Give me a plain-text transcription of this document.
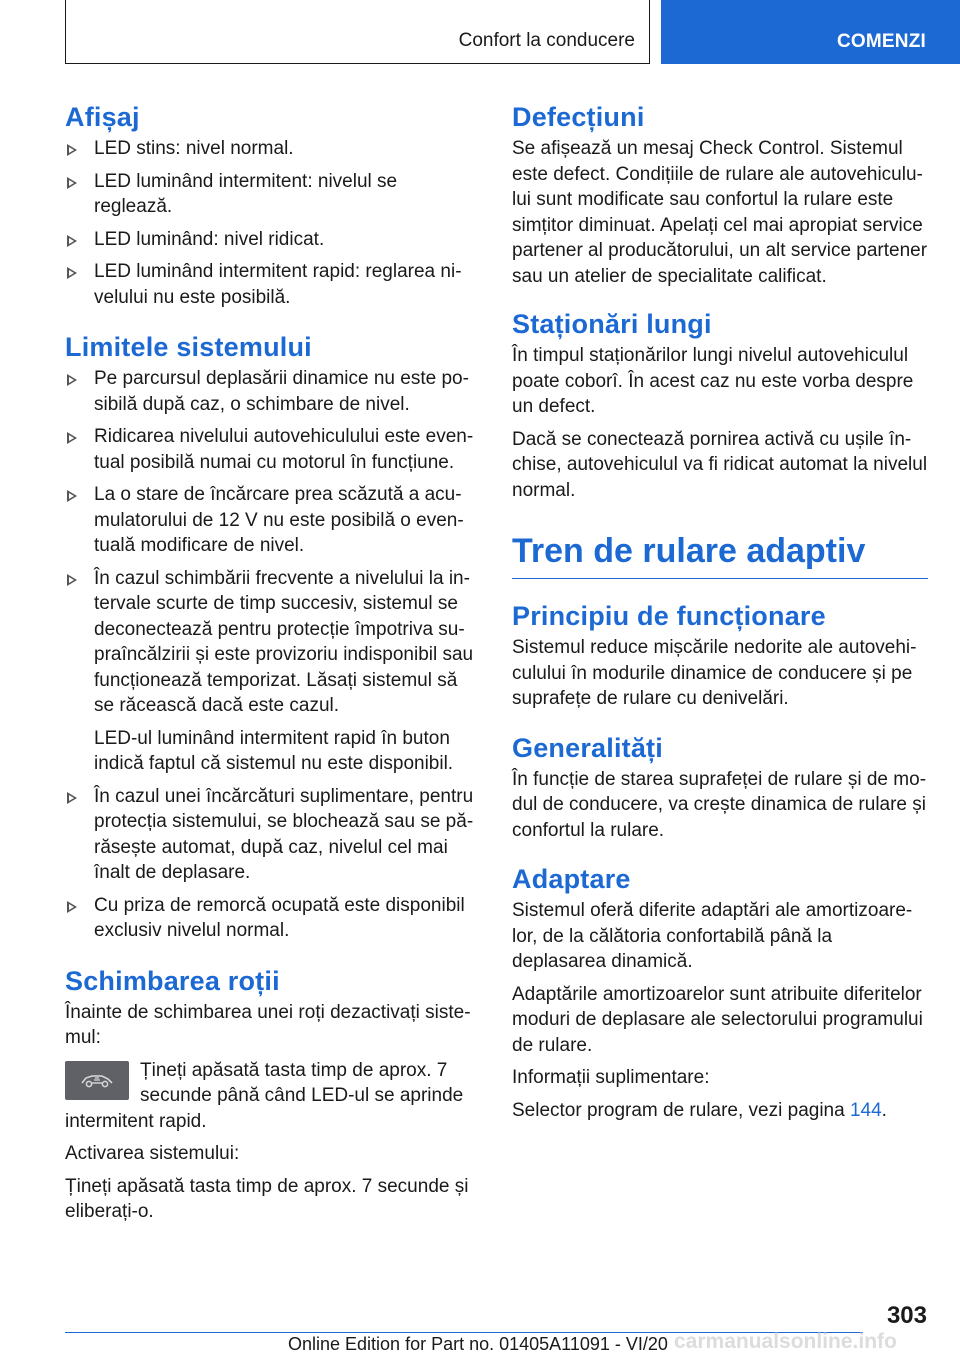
Confort la conducere	COMENZI
Afișaj
LED stins: nivel normal.
LED luminând intermitent: nivelul se reglează.
LED luminând: nivel ridicat.
LED luminând intermitent rapid: reglarea nivelului nu este posibilă.
Limitele sistemului
Pe parcursul deplasării dinamice nu este posibilă după caz, o schimbare de nivel.
Ridicarea nivelului autovehiculului este eventual posibilă numai cu motorul în funcțiune.
La o stare de încărcare prea scăzută a acumulatorului de 12 V nu este posibilă o eventuală modificare de nivel.
În cazul schimbării frecvente a nivelului la intervale scurte de timp succesiv, sistemul se deconectează pentru protecție împotriva supraîncălzirii și este provizoriu indisponibil sau funcționează temporizat. Lăsați sistemul să se răcească dacă este cazul.
LED-ul luminând intermitent rapid în buton indică faptul că sistemul nu este disponibil.
În cazul unei încărcături suplimentare, pentru protecția sistemului, se blochează sau se părăsește automat, după caz, nivelul cel mai înalt de deplasare.
Cu priza de remorcă ocupată este disponibil exclusiv nivelul normal.
Schimbarea roții

Înainte de schimbarea unei roți dezactivați sistemul:

Țineți apăsată tasta timp de aprox. 7 secunde până când LED-ul se aprinde intermitent rapid.

Activarea sistemului:

Țineți apăsată tasta timp de aprox. 7 secunde și eliberați-o.

Defecțiuni

Se afișează un mesaj Check Control. Sistemul este defect. Condițiile de rulare ale autovehiculului sunt modificate sau confortul la rulare este simțitor diminuat. Apelați cel mai apropiat service partener al producătorului, un alt service partener sau un atelier de specialitate calificat.

Staționări lungi

În timpul staționărilor lungi nivelul autovehiculul poate coborî. În acest caz nu este vorba despre un defect.

Dacă se conectează pornirea activă cu ușile închise, autovehiculul va fi ridicat automat la nivelul normal.

Tren de rulare adaptiv
Principiu de funcționare

Sistemul reduce mișcările nedorite ale autovehiculului în modurile dinamice de conducere și pe suprafețe de rulare cu denivelări.

Generalități

În funcție de starea suprafeței de rulare și de modul de conducere, va crește dinamica de rulare și confortul la rulare.

Adaptare

Sistemul oferă diferite adaptări ale amortizoarelor, de la călătoria confortabilă până la deplasarea dinamică.

Adaptările amortizoarelor sunt atribuite diferitelor moduri de deplasare ale selectorului programului de rulare.

Informații suplimentare:

Selector program de rulare, vezi pagina 144.

303
Online Edition for Part no. 01405A11091 - VI/20 carmanualsonline.info
